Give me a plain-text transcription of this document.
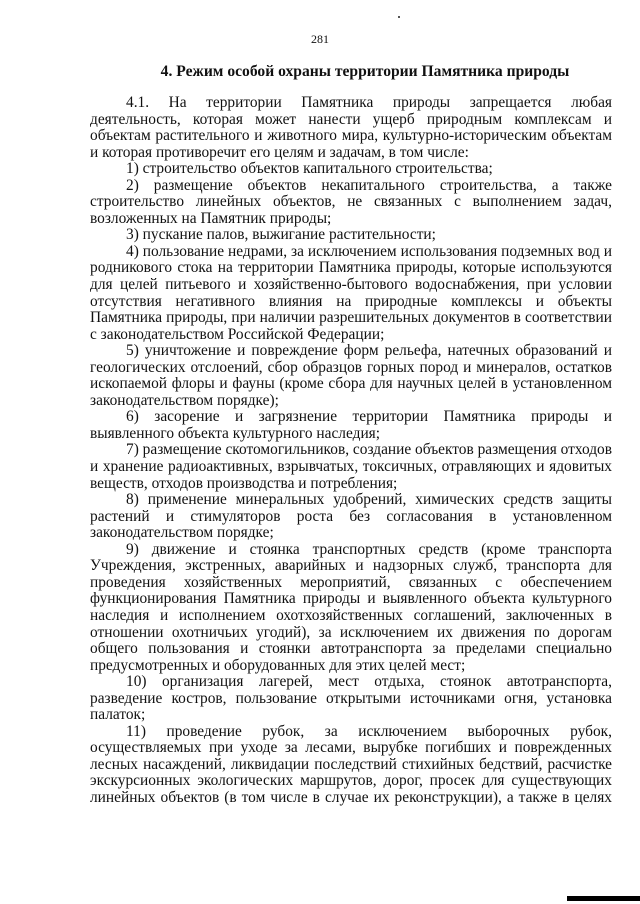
281
4. Режим особой охраны территории Памятника природы

4.1. На территории Памятника природы запрещается любая деятельность, которая может нанести ущерб природным комплексам и объектам растительного и животного мира, культурно-историческим объектам и которая противоречит его целям и задачам, в том числе:

1) строительство объектов капитального строительства;

2) размещение объектов некапитального строительства, а также строительство линейных объектов, не связанных с выполнением задач, возложенных на Памятник природы;

3) пускание палов, выжигание растительности;

4) пользование недрами, за исключением использования подземных вод и родникового стока на территории Памятника природы, которые используются для целей питьевого и хозяйственно-бытового водоснабжения, при условии отсутствия негативного влияния на природные комплексы и объекты Памятника природы, при наличии разрешительных документов в соответствии с законодательством Российской Федерации;

5) уничтожение и повреждение форм рельефа, натечных образований и геологических отслоений, сбор образцов горных пород и минералов, остатков ископаемой флоры и фауны (кроме сбора для научных целей в установленном законодательством порядке);

6) засорение и загрязнение территории Памятника природы и выявленного объекта культурного наследия;

7) размещение скотомогильников, создание объектов размещения отходов и хранение радиоактивных, взрывчатых, токсичных, отравляющих и ядовитых веществ, отходов производства и потребления;

8) применение минеральных удобрений, химических средств защиты растений и стимуляторов роста без согласования в установленном законодательством порядке;

9) движение и стоянка транспортных средств (кроме транспорта Учреждения, экстренных, аварийных и надзорных служб, транспорта для проведения хозяйственных мероприятий, связанных с обеспечением функционирования Памятника природы и выявленного объекта культурного наследия и исполнением охотхозяйственных соглашений, заключенных в отношении охотничьих угодий), за исключением их движения по дорогам общего пользования и стоянки автотранспорта за пределами специально предусмотренных и оборудованных для этих целей мест;

10) организация лагерей, мест отдыха, стоянок автотранспорта, разведение костров, пользование открытыми источниками огня, установка палаток;

11) проведение рубок, за исключением выборочных рубок, осуществляемых при уходе за лесами, вырубке погибших и поврежденных лесных насаждений, ликвидации последствий стихийных бедствий, расчистке экскурсионных экологических маршрутов, дорог, просек для существующих линейных объектов (в том числе в случае их реконструкции), а также в целях
